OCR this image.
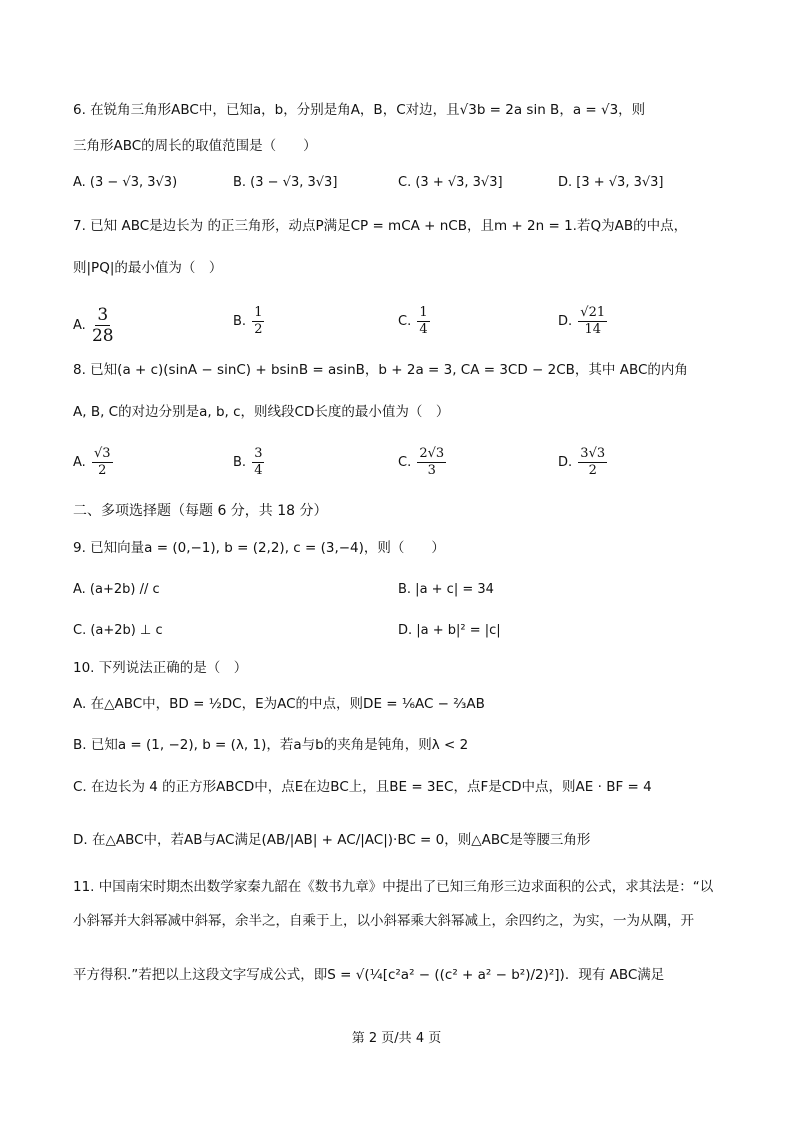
6. 在锐角三角形ABC中，已知a，b，分别是角A，B，C对边，且√3b = 2a sin B，a = √3，则
三角形ABC的周长的取值范围是（　　）
A. (3 − √3, 3√3)	B. (3 − √3, 3√3]	C. (3 + √3, 3√3]	D. [3 + √3, 3√3]
7. 已知 ABC是边长为 的正三角形，动点P满足CP = mCA + nCB，且m + 2n = 1.若Q为AB的中点，
则|PQ|的最小值为（　）
A. $\frac{3}{28}$	B. $\frac{1}{2}$	C. $\frac{1}{4}$	D. $\frac{√21}{14}$
8. 已知(a + c)(sinA − sinC) + bsinB = asinB，b + 2a = 3, CA = 3CD − 2CB，其中 ABC的内角
A, B, C的对边分别是a, b, c，则线段CD长度的最小值为（　）
A. $\frac{√3}{2}$	B. $\frac{3}{4}$	C. $\frac{2√3}{3}$	D. $\frac{3√3}{2}$
二、多项选择题（每题 6 分，共 18 分）
9. 已知向量a = (0,−1), b = (2,2), c = (3,−4)，则（　　）
A. (a+2b) // c	B. |a + c| = 34
C. (a+2b) ⊥ c	D. |a + b|² = |c|
10. 下列说法正确的是（　）
A. 在△ABC中，BD = ½DC，E为AC的中点，则DE = ⅙AC − ⅔AB
B. 已知a = (1, −2), b = (λ, 1)，若a与b的夹角是钝角，则λ < 2
C. 在边长为 4 的正方形ABCD中，点E在边BC上，且BE = 3EC，点F是CD中点，则AE · BF = 4
D. 在△ABC中，若AB与AC满足(AB/|AB| + AC/|AC|)·BC = 0，则△ABC是等腰三角形
11. 中国南宋时期杰出数学家秦九韶在《数书九章》中提出了已知三角形三边求面积的公式，求其法是：“以
小斜幂并大斜幂减中斜幂，余半之，自乘于上，以小斜幂乘大斜幂减上，余四约之，为实，一为从隅，开
平方得积.”若把以上这段文字写成公式，即S = √(¼[c²a² − ((c² + a² − b²)/2)²])．现有 ABC满足
第 2 页/共 4 页
